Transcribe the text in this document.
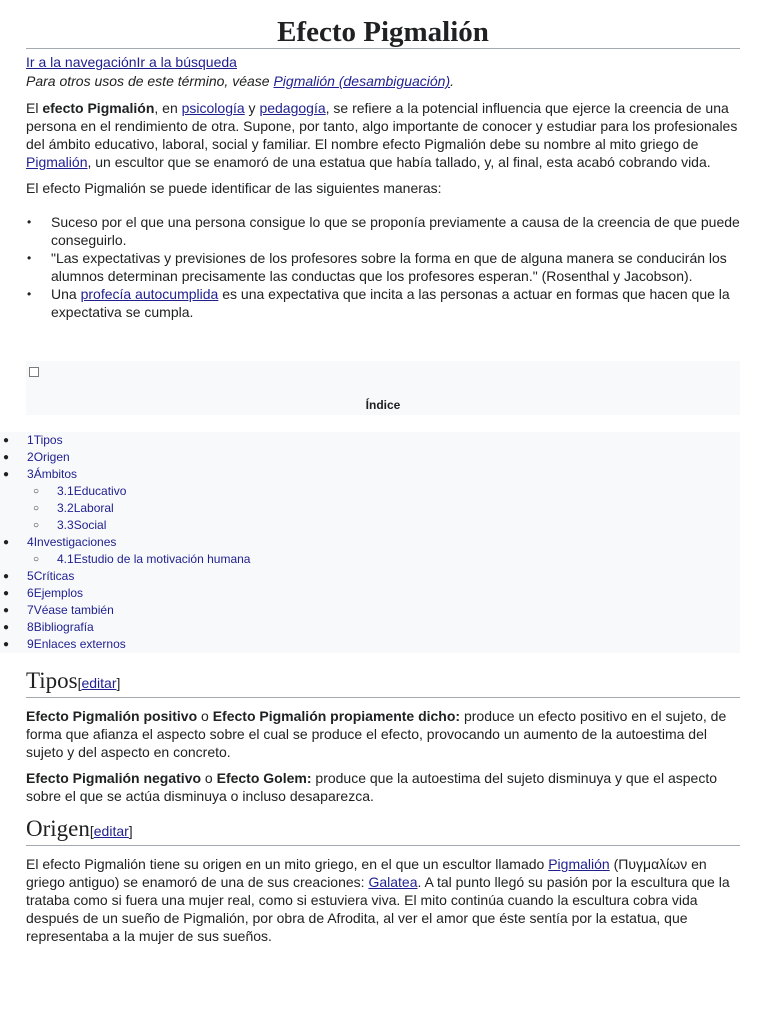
Efecto Pigmalión
Ir a la navegaciónIr a la búsqueda
Para otros usos de este término, véase Pigmalión (desambiguación).

El efecto Pigmalión, en psicología y pedagogía, se refiere a la potencial influencia que ejerce la creencia de una persona en el rendimiento de otra. Supone, por tanto, algo importante de conocer y estudiar para los profesionales del ámbito educativo, laboral, social y familiar. El nombre efecto Pigmalión debe su nombre al mito griego de Pigmalión, un escultor que se enamoró de una estatua que había tallado, y, al final, esta acabó cobrando vida.

El efecto Pigmalión se puede identificar de las siguientes maneras:

• Suceso por el que una persona consigue lo que se proponía previamente a causa de la creencia de que puede conseguirlo.
• "Las expectativas y previsiones de los profesores sobre la forma en que de alguna manera se conducirán los alumnos determinan precisamente las conductas que los profesores esperan." (Rosenthal y Jacobson).
• Una profecía autocumplida es una expectativa que incita a las personas a actuar en formas que hacen que la expectativa se cumpla.
Índice
● 1Tipos
● 2Origen
● 3Ámbitos
○ 3.1Educativo
○ 3.2Laboral
○ 3.3Social
● 4Investigaciones
○ 4.1Estudio de la motivación humana
● 5Críticas
● 6Ejemplos
● 7Véase también
● 8Bibliografía
● 9Enlaces externos
Tipos[editar]

Efecto Pigmalión positivo o Efecto Pigmalión propiamente dicho: produce un efecto positivo en el sujeto, de forma que afianza el aspecto sobre el cual se produce el efecto, provocando un aumento de la autoestima del sujeto y del aspecto en concreto.

Efecto Pigmalión negativo o Efecto Golem: produce que la autoestima del sujeto disminuya y que el aspecto sobre el que se actúa disminuya o incluso desaparezca.

Origen[editar]

El efecto Pigmalión tiene su origen en un mito griego, en el que un escultor llamado Pigmalión (Πυγμαλίων en griego antiguo) se enamoró de una de sus creaciones: Galatea. A tal punto llegó su pasión por la escultura que la trataba como si fuera una mujer real, como si estuviera viva. El mito continúa cuando la escultura cobra vida después de un sueño de Pigmalión, por obra de Afrodita, al ver el amor que éste sentía por la estatua, que representaba a la mujer de sus sueños.
